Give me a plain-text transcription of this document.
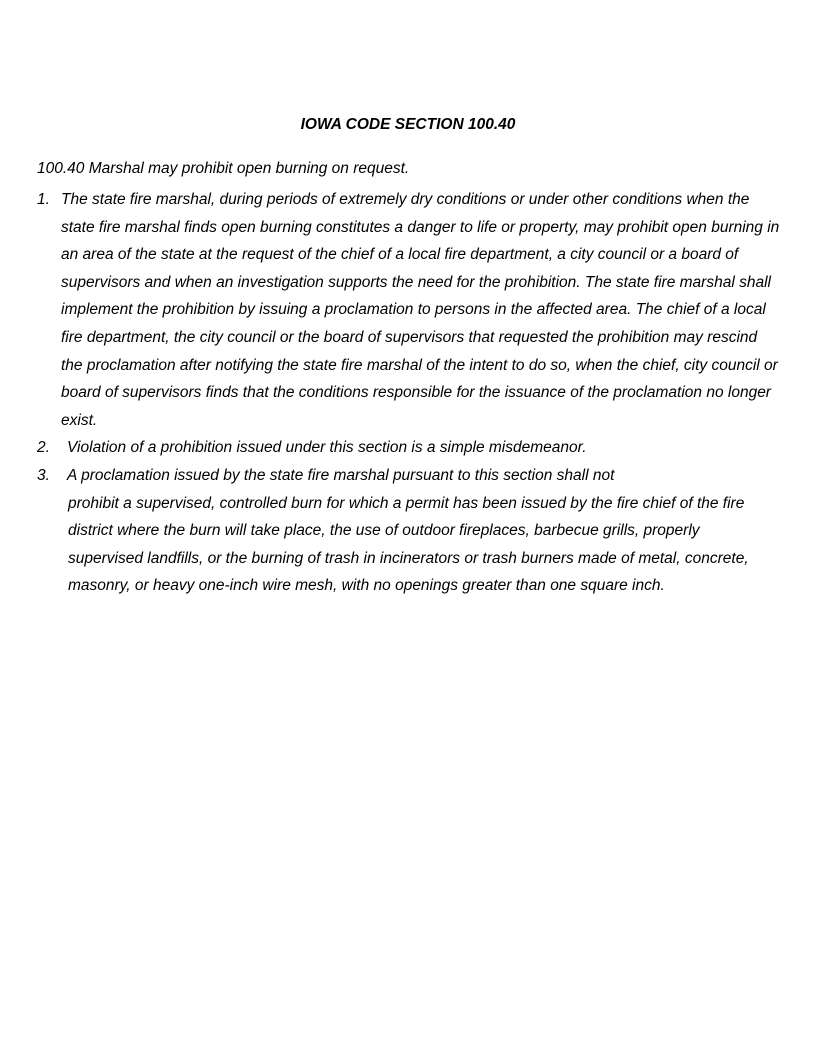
IOWA CODE SECTION 100.40
100.40 Marshal may prohibit open burning on request.
1. The state fire marshal, during periods of extremely dry conditions or under other conditions when the state fire marshal finds open burning constitutes a danger to life or property, may prohibit open burning in an area of the state at the request of the chief of a local fire department, a city council or a board of supervisors and when an investigation supports the need for the prohibition. The state fire marshal shall implement the prohibition by issuing a proclamation to persons in the affected area. The chief of a local fire department, the city council or the board of supervisors that requested the prohibition may rescind the proclamation after notifying the state fire marshal of the intent to do so, when the chief, city council or board of supervisors finds that the conditions responsible for the issuance of the proclamation no longer exist.
2. Violation of a prohibition issued under this section is a simple misdemeanor.
3. A proclamation issued by the state fire marshal pursuant to this section shall not
prohibit a supervised, controlled burn for which a permit has been issued by the fire chief of the fire district where the burn will take place, the use of outdoor fireplaces, barbecue grills, properly supervised landfills, or the burning of trash in incinerators or trash burners made of metal, concrete, masonry, or heavy one-inch wire mesh, with no openings greater than one square inch.
